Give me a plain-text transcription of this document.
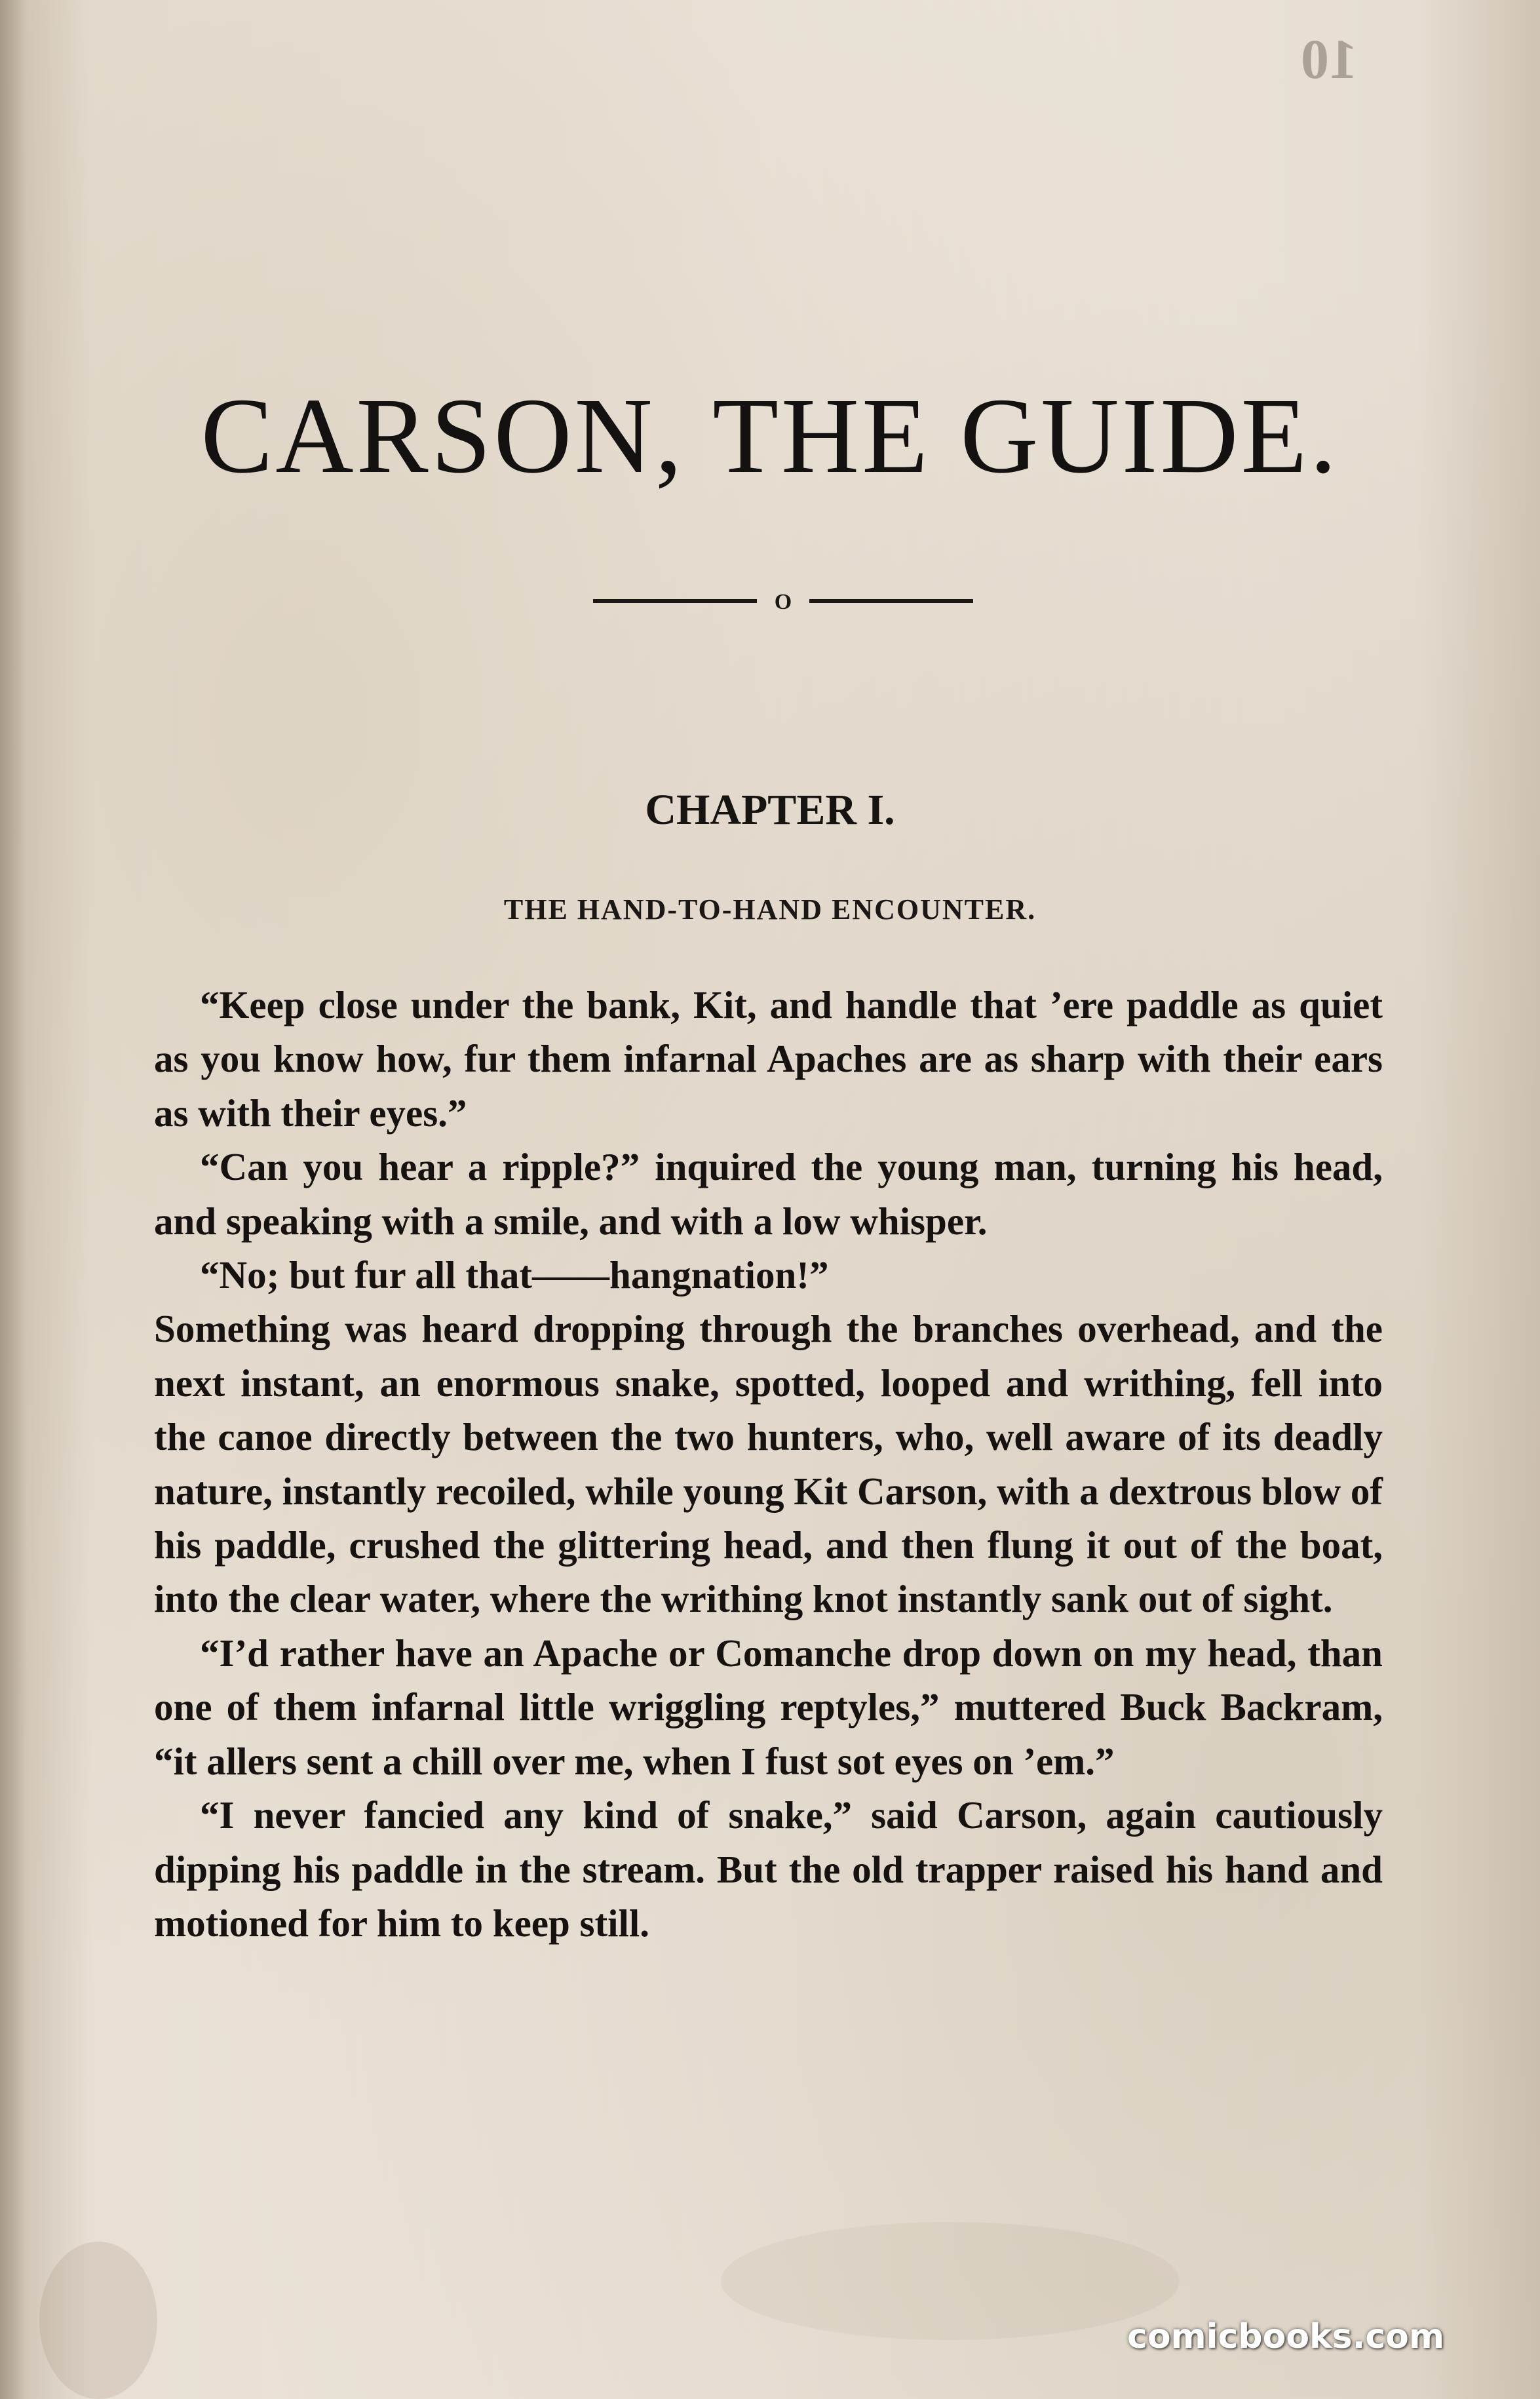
10
CARSON, THE GUIDE.
O
CHAPTER I.
THE HAND-TO-HAND ENCOUNTER.

“Keep close under the bank, Kit, and handle that ’ere paddle as quiet as you know how, fur them infarnal Apaches are as sharp with their ears as with their eyes.”

“Can you hear a ripple?” inquired the young man, turning his head, and speaking with a smile, and with a low whisper.

“No; but fur all that——hangnation!”

Something was heard dropping through the branches overhead, and the next instant, an enormous snake, spotted, looped and writhing, fell into the canoe directly between the two hunters, who, well aware of its deadly nature, instantly recoiled, while young Kit Carson, with a dextrous blow of his paddle, crushed the glittering head, and then flung it out of the boat, into the clear water, where the writhing knot instantly sank out of sight.

“I’d rather have an Apache or Comanche drop down on my head, than one of them infarnal little wriggling reptyles,” muttered Buck Backram, “it allers sent a chill over me, when I fust sot eyes on ’em.”

“I never fancied any kind of snake,” said Carson, again cautiously dipping his paddle in the stream. But the old trapper raised his hand and motioned for him to keep still.

comicbooks.com
